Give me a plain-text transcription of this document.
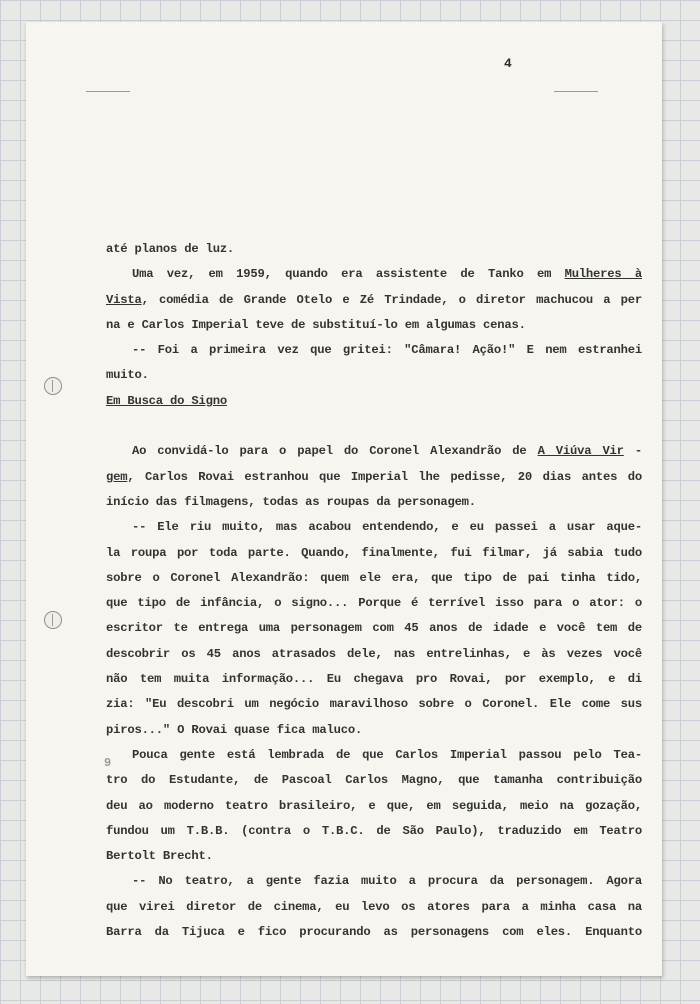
4
até planos de luz.
Uma vez, em 1959, quando era assistente de Tanko em Mulheres à
Vista, comédia de Grande Otelo e Zé Trindade, o diretor machucou a per
na e Carlos Imperial teve de substituí-lo em algumas cenas.
-- Foi a primeira vez que gritei: "Câmara! Ação!" E nem estranhei
muito.
Em Busca do Signo
Ao convidá-lo para o papel do Coronel Alexandrão de A Viúva Vir -
gem, Carlos Rovai estranhou que Imperial lhe pedisse, 20 dias antes do
início das filmagens, todas as roupas da personagem.
-- Ele riu muito, mas acabou entendendo, e eu passei a usar aque-
la roupa por toda parte. Quando, finalmente, fui filmar, já sabia tudo
sobre o Coronel Alexandrão: quem ele era, que tipo de pai tinha tido,
que tipo de infância, o signo... Porque é terrível isso para o ator: o
escritor te entrega uma personagem com 45 anos de idade e você tem de
descobrir os 45 anos atrasados dele, nas entrelinhas, e às vezes você
não tem muita informação... Eu chegava pro Rovai, por exemplo, e di
zia: "Eu descobri um negócio maravilhoso sobre o Coronel. Ele come sus
piros..." O Rovai quase fica maluco.
Pouca gente está lembrada de que Carlos Imperial passou pelo Tea-
tro do Estudante, de Pascoal Carlos Magno, que tamanha contribuição
deu ao moderno teatro brasileiro, e que, em seguida, meio na gozação,
fundou um T.B.B. (contra o T.B.C. de São Paulo), traduzido em Teatro
Bertolt Brecht.
-- No teatro, a gente fazia muito a procura da personagem. Agora
que virei diretor de cinema, eu levo os atores para a minha casa na
Barra da Tijuca e fico procurando as personagens com eles. Enquanto
9
